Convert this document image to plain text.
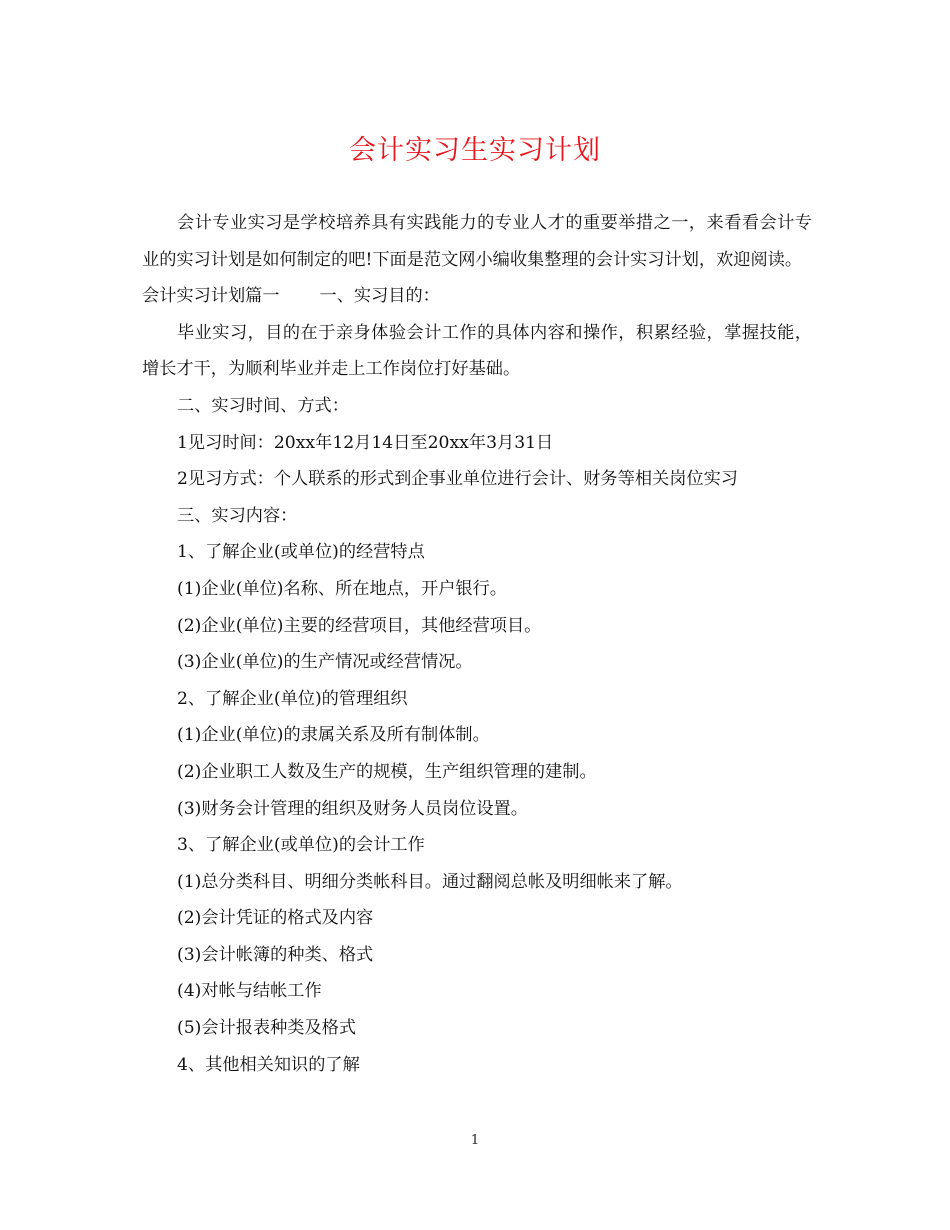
会计实习生实习计划

会计专业实习是学校培养具有实践能力的专业人才的重要举措之一，来看看会计专业的实习计划是如何制定的吧!下面是范文网小编收集整理的会计实习计划，欢迎阅读。

会计实习计划篇一 一、实习目的：

毕业实习，目的在于亲身体验会计工作的具体内容和操作，积累经验，掌握技能，增长才干，为顺利毕业并走上工作岗位打好基础。

二、实习时间、方式：

1见习时间：20xx年12月14日至20xx年3月31日

2见习方式：个人联系的形式到企事业单位进行会计、财务等相关岗位实习

三、实习内容：

1、了解企业(或单位)的经营特点

(1)企业(单位)名称、所在地点，开户银行。

(2)企业(单位)主要的经营项目，其他经营项目。

(3)企业(单位)的生产情况或经营情况。

2、了解企业(单位)的管理组织

(1)企业(单位)的隶属关系及所有制体制。

(2)企业职工人数及生产的规模，生产组织管理的建制。

(3)财务会计管理的组织及财务人员岗位设置。

3、了解企业(或单位)的会计工作

(1)总分类科目、明细分类帐科目。通过翻阅总帐及明细帐来了解。

(2)会计凭证的格式及内容

(3)会计帐簿的种类、格式

(4)对帐与结帐工作

(5)会计报表种类及格式

4、其他相关知识的了解

1
